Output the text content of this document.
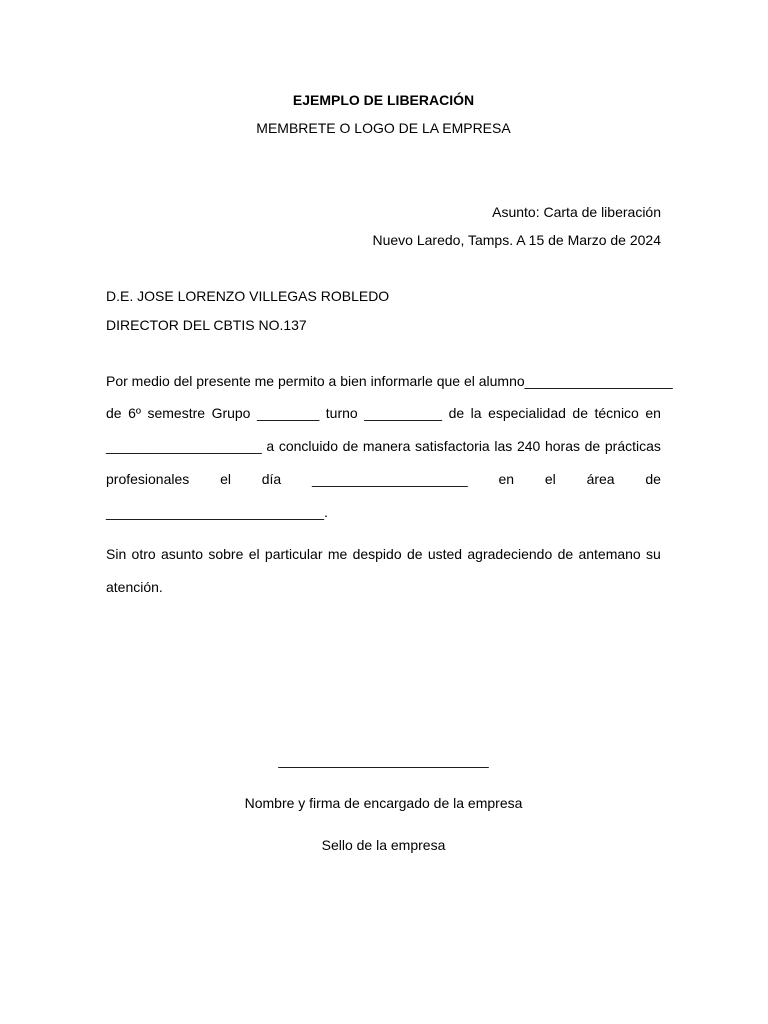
EJEMPLO DE LIBERACIÓN
MEMBRETE O LOGO DE LA EMPRESA
Asunto: Carta de liberación
Nuevo Laredo, Tamps. A 15 de Marzo de 2024
D.E. JOSE LORENZO VILLEGAS ROBLEDO
DIRECTOR DEL CBTIS NO.137
Por medio del presente me permito a bien informarle que el alumno___________________
de 6º semestre Grupo ________ turno __________ de la especialidad de técnico en
____________________ a concluido de manera satisfactoria las 240 horas de prácticas
profesionales el día ____________________ en el área de
____________________________.
Sin otro asunto sobre el particular me despido de usted agradeciendo de antemano su
atención.
___________________________
Nombre y firma de encargado de la empresa
Sello de la empresa
